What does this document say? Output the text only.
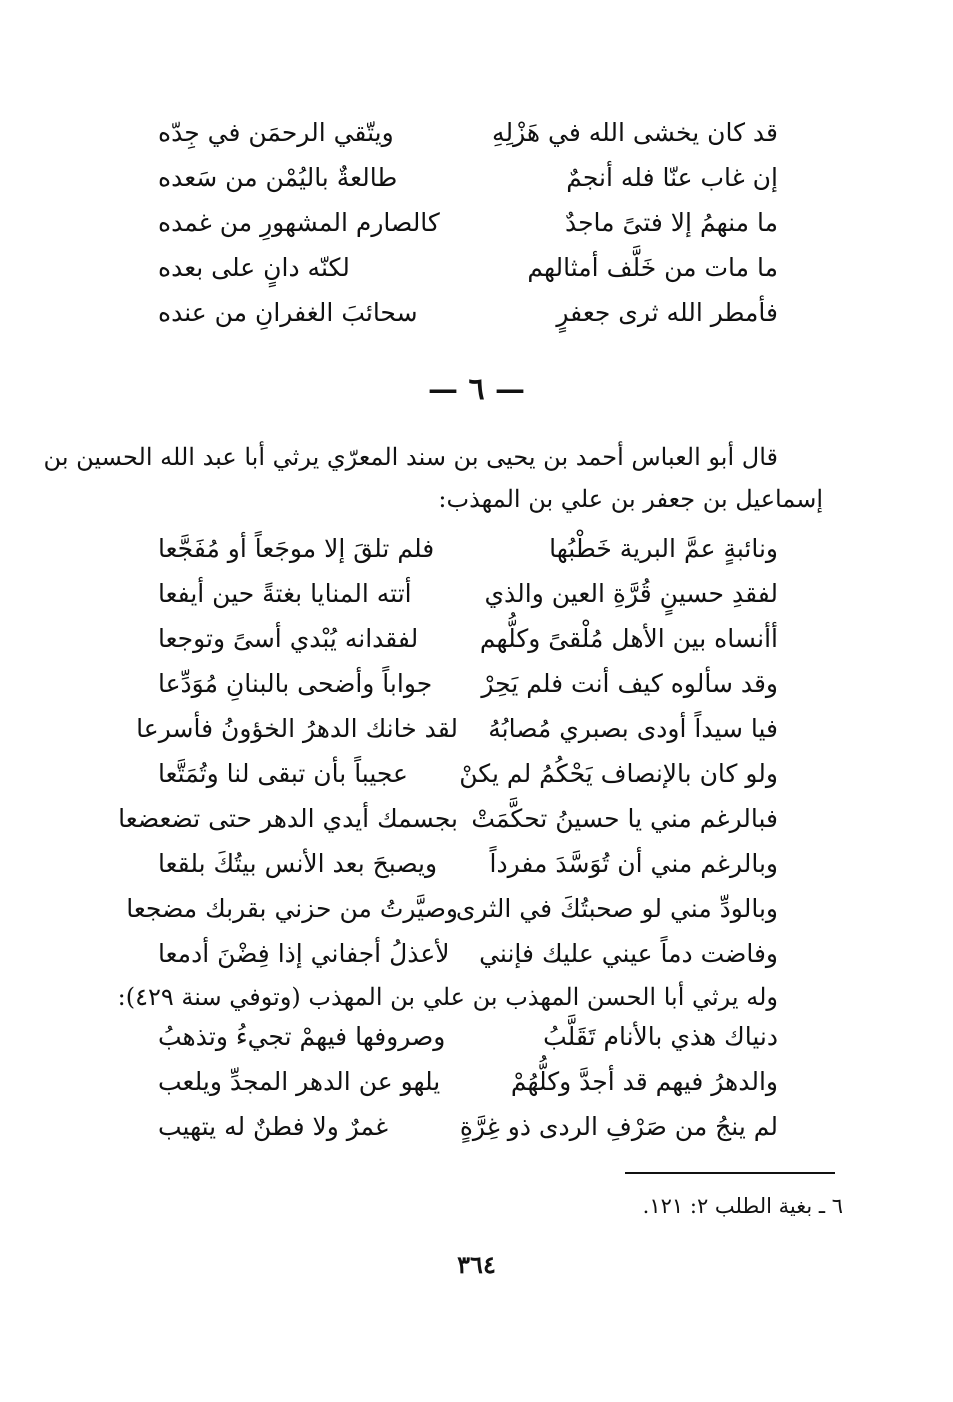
قد كان يخشى الله في هَزْلِهِ
ويتّقي الرحمَن في جِدّه
إن غاب عنّا فله أنجمٌ
طالعةٌ باليُمْن من سَعده
ما منهمُ إلا فتىً ماجدٌ
كالصارم المشهورِ من غمده
ما مات من خَلَّف أمثالهم
لكنّه دانٍ على بعده
فأمطر الله ثرى جعفرٍ
سحائبَ الغفرانِ من عنده
— ٦ —
قال أبو العباس أحمد بن يحيى بن سند المعرّي يرثي أبا عبد الله الحسين بن
إسماعيل بن جعفر بن علي بن المهذب:
ونائبةٍ عمَّ البرية خَطْبُها
فلم تلقَ إلا موجَعاً أو مُفَجَّعا
لفقدِ حسينٍ قُرَّةِ العين والذي
أتته المنايا بغتةً حين أيفعا
أأنساه بين الأهل مُلْقىً وكلُّهم
لفقدانه يُبْدي أسىً وتوجعا
وقد سألوه كيف أنت فلم يَحِرْ
جواباً وأضحى بالبنانِ مُوَدِّعا
فيا سيداً أودى بصبري مُصابُهُ
لقد خانك الدهرُ الخؤونُ فأسرعا
ولو كان بالإنصاف يَحْكُمُ لم يكنْ
عجيباً بأن تبقى لنا وتُمَتَّعا
فبالرغم مني يا حسينُ تحكَّمَتْ
بجسمك أيدي الدهر حتى تضعضعا
وبالرغم مني أن تُوَسَّدَ مفرداً
ويصبحَ بعد الأنس بيتُكَ بلقعا
وبالودِّ مني لو صحبتُكَ في الثرى
وصيَّرتُ من حزني بقربك مضجعا
وفاضت دماً عيني عليك فإنني
لأعذلُ أجفاني إذا فِضْنَ أدمعا
وله يرثي أبا الحسن المهذب بن علي بن المهذب (وتوفي سنة ٤٢٩):
دنياك هذي بالأنام تَقَلَّبُ
وصروفها فيهمْ تجيءُ وتذهبُ
والدهرُ فيهم قد أجدَّ وكلُّهُمْ
يلهو عن الدهر المجدِّ ويلعب
لم ينجُ من صَرْفِ الردى ذو غِرَّةٍ
غمرٌ ولا فطنٌ له يتهيب
٦ ـ بغية الطلب ٢: ١٢١.
٣٦٤
